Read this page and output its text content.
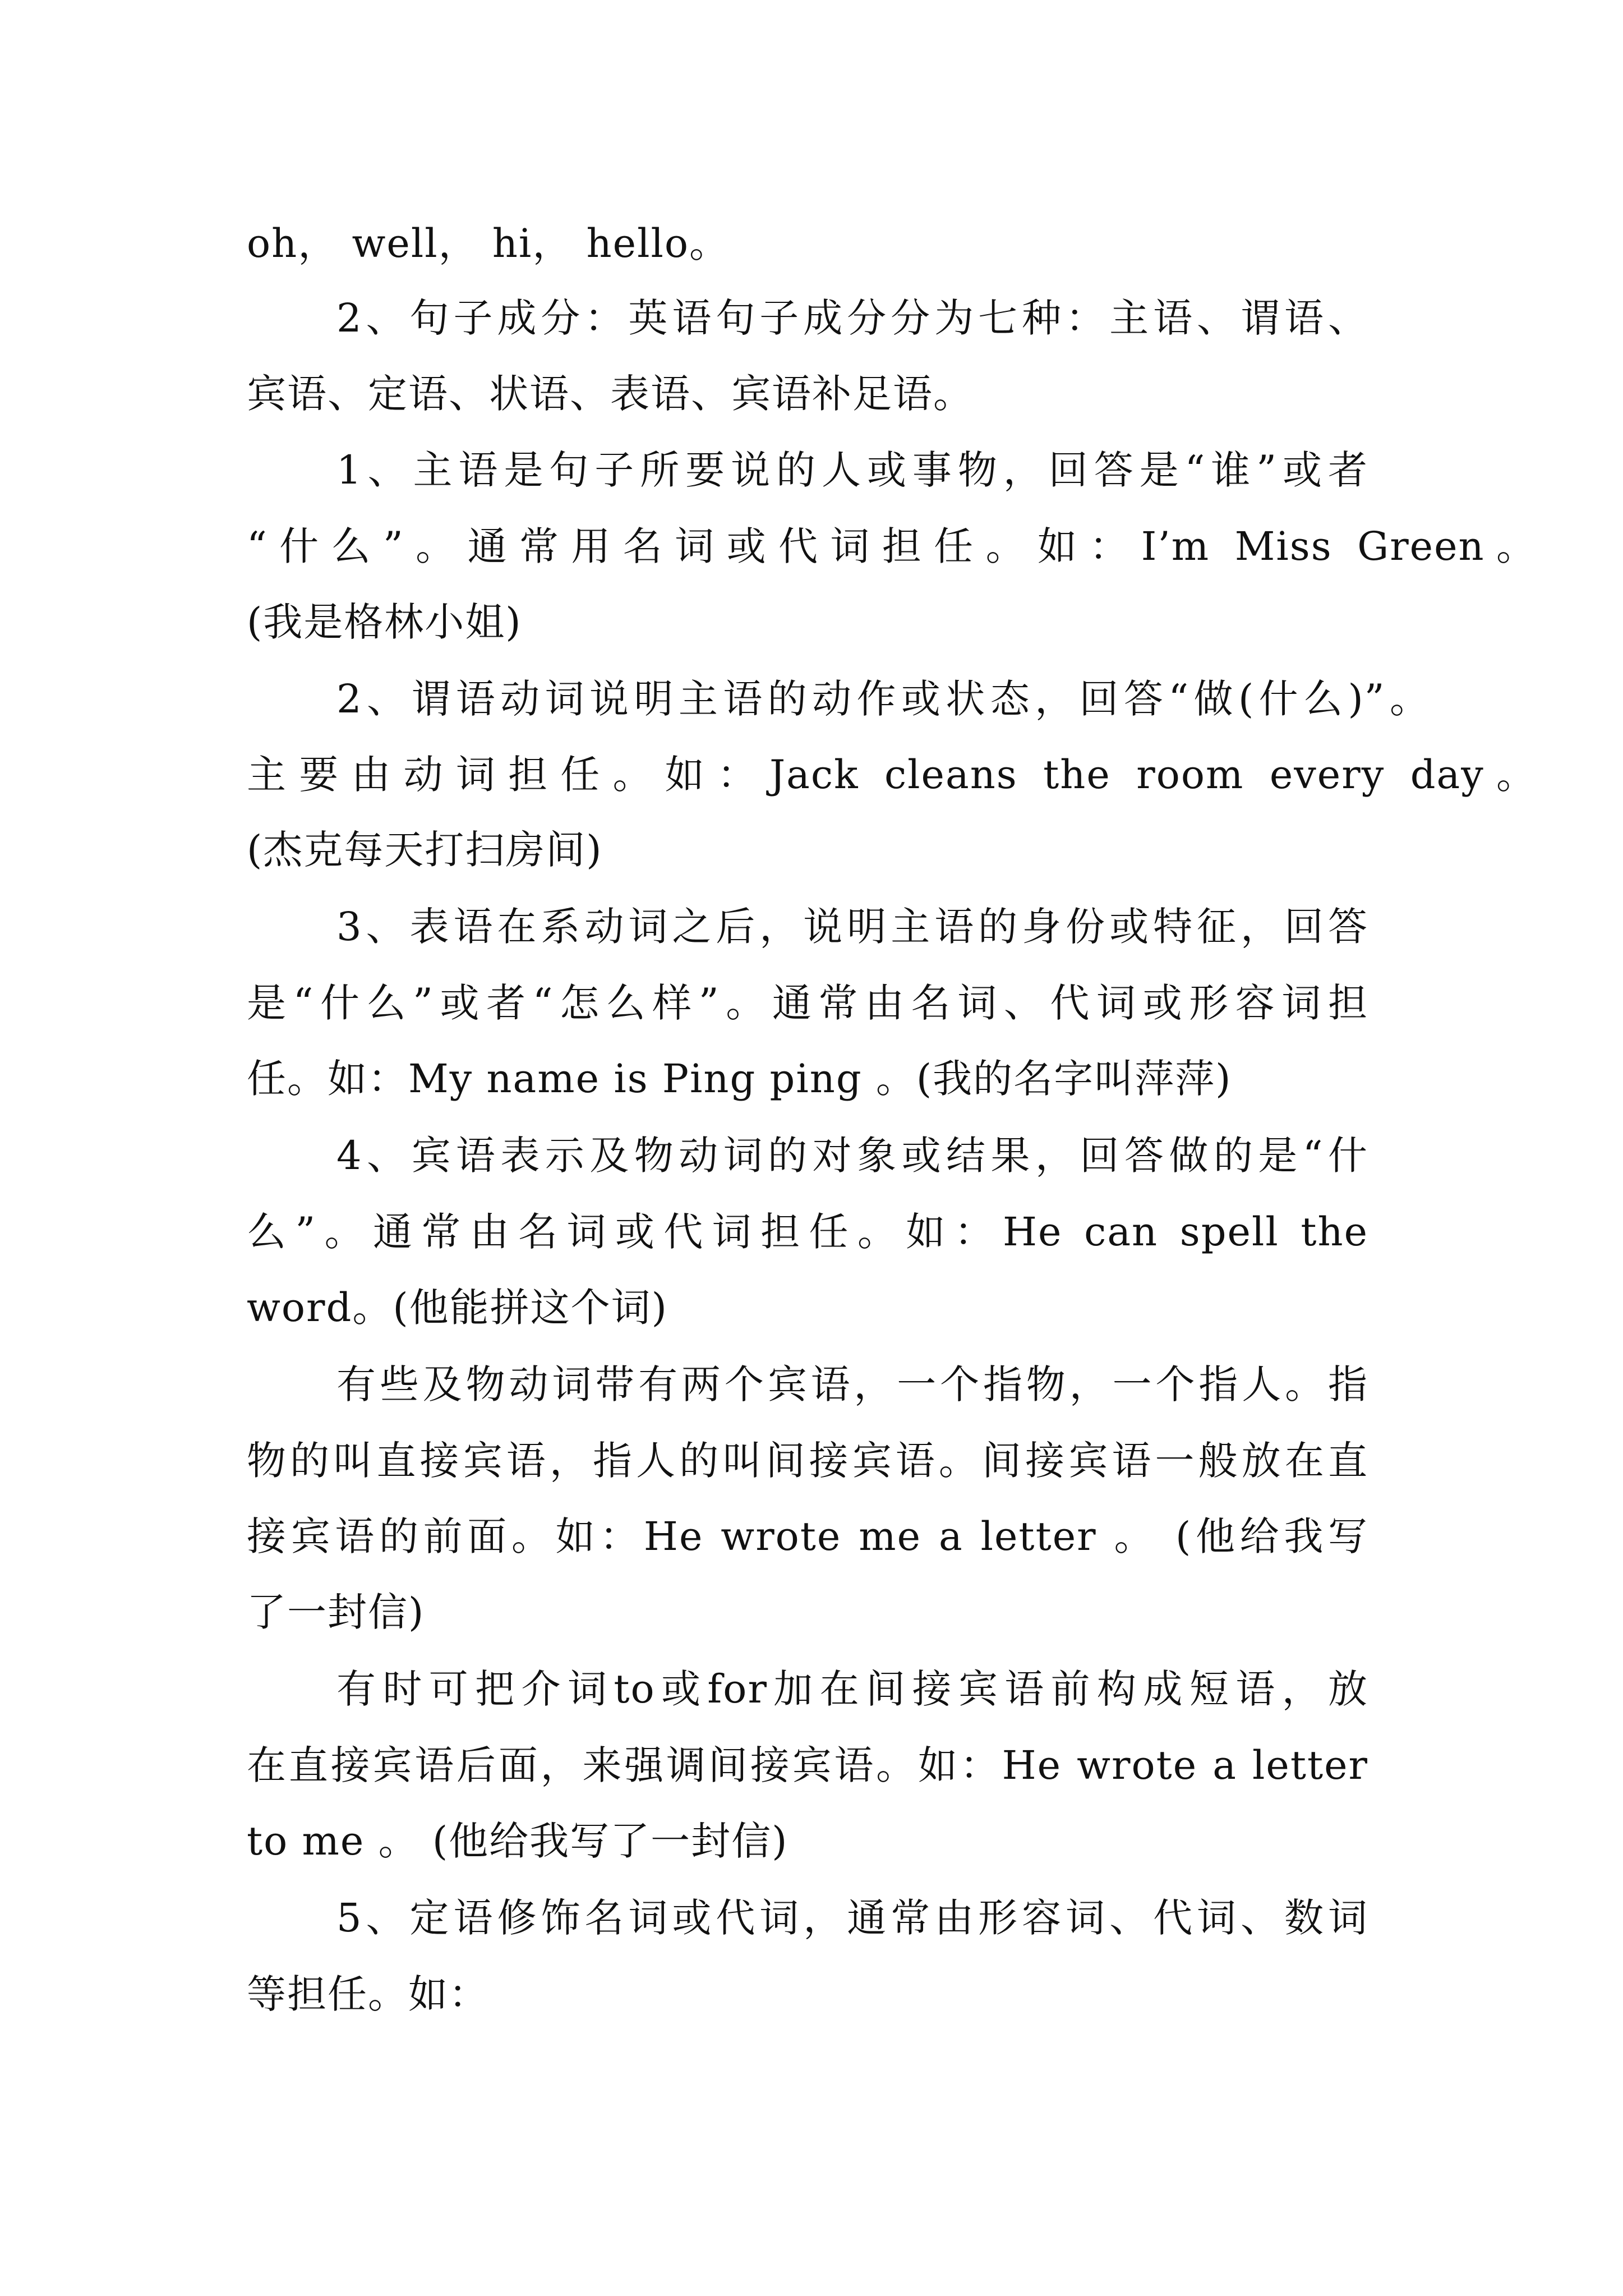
oh， well， hi， hello。
2、句子成分：英语句子成分分为七种：主语、谓语、
宾语、定语、状语、表语、宾语补足语。
1、主语是句子所要说的人或事物，回答是“谁”或者
“什么”。通常用名词或代词担任。如：I’m Miss Green。
(我是格林小姐)
2、谓语动词说明主语的动作或状态，回答“做(什么)”。
主要由动词担任。如：Jack cleans the room every day。
(杰克每天打扫房间)
3、表语在系动词之后，说明主语的身份或特征，回答
是“什么”或者“怎么样”。通常由名词、代词或形容词担
任。如：My name is Ping ping 。(我的名字叫萍萍)
4、宾语表示及物动词的对象或结果，回答做的是“什
么”。通常由名词或代词担任。如：He can spell the
word。(他能拼这个词)
有些及物动词带有两个宾语，一个指物，一个指人。指
物的叫直接宾语，指人的叫间接宾语。间接宾语一般放在直
接宾语的前面。如：He wrote me a letter 。 (他给我写
了一封信)
有时可把介词to或for加在间接宾语前构成短语，放
在直接宾语后面，来强调间接宾语。如：He wrote a letter
to me 。 (他给我写了一封信)
5、定语修饰名词或代词，通常由形容词、代词、数词
等担任。如：
